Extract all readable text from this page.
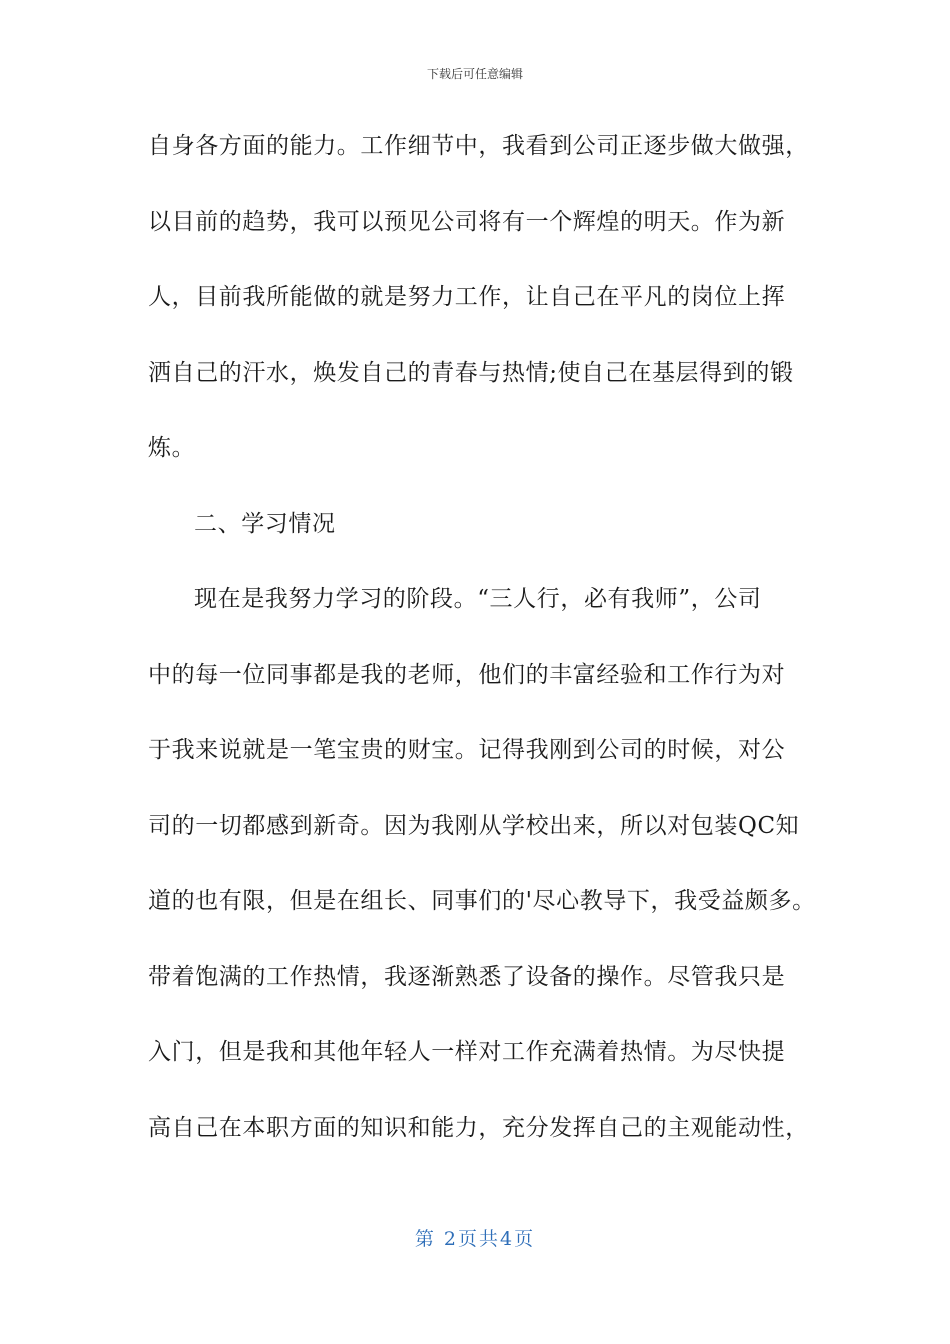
下载后可任意编辑
自身各方面的能力。工作细节中，我看到公司正逐步做大做强，
以目前的趋势，我可以预见公司将有一个辉煌的明天。作为新
人，目前我所能做的就是努力工作，让自己在平凡的岗位上挥
洒自己的汗水，焕发自己的青春与热情;使自己在基层得到的锻
炼。
二、学习情况
现在是我努力学习的阶段。“三人行，必有我师”，公司
中的每一位同事都是我的老师，他们的丰富经验和工作行为对
于我来说就是一笔宝贵的财宝。记得我刚到公司的时候，对公
司的一切都感到新奇。因为我刚从学校出来，所以对包装QC知
道的也有限，但是在组长、同事们的'尽心教导下，我受益颇多。
带着饱满的工作热情，我逐渐熟悉了设备的操作。尽管我只是
入门，但是我和其他年轻人一样对工作充满着热情。为尽快提
高自己在本职方面的知识和能力，充分发挥自己的主观能动性，
第 2页共4页
